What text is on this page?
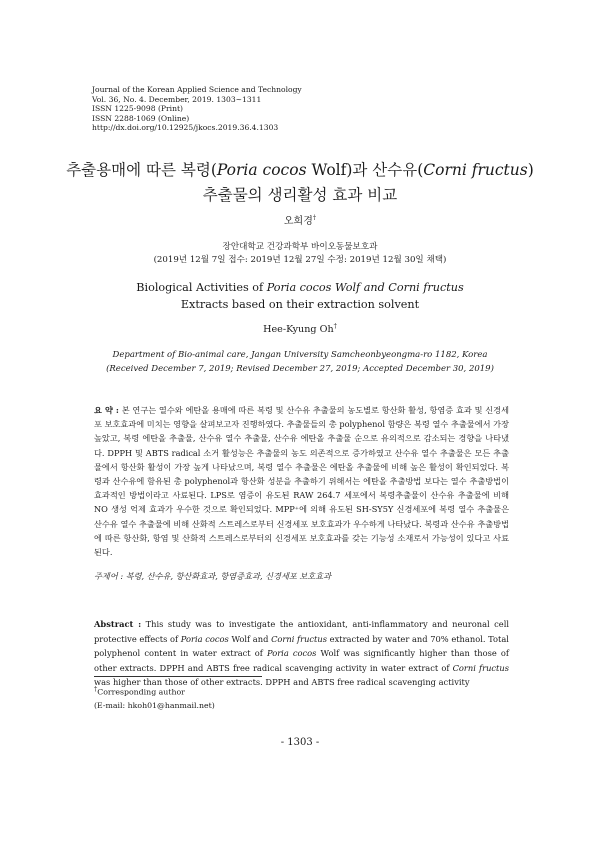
Journal of the Korean Applied Science and Technology
Vol. 36, No. 4. December, 2019. 1303~1311
ISSN 1225-9098 (Print)
ISSN 2288-1069 (Online)
http://dx.doi.org/10.12925/jkocs.2019.36.4.1303
추출용매에 따른 복령(Poria cocos Wolf)과 산수유(Corni fructus)
추출물의 생리활성 효과 비교
오희경†
장안대학교 건강과학부 바이오동물보호과
(2019년 12월 7일 접수: 2019년 12월 27일 수정: 2019년 12월 30일 채택)
Biological Activities of Poria cocos Wolf and Corni fructus
Extracts based on their extraction solvent
Hee-Kyung Oh†
Department of Bio-animal care, Jangan University Samcheonbyeongma-ro 1182, Korea
(Received December 7, 2019; Revised December 27, 2019; Accepted December 30, 2019)
요 약 : 본 연구는 열수와 에탄올 용매에 따른 복령 및 산수유 추출물의 농도별로 항산화 활성, 항염증 효과 및 신경세포 보호효과에 미치는 영향을 살펴보고자 진행하였다. 추출물들의 총 polyphenol 함량은 복령 열수 추출물에서 가장 높았고, 복령 에탄올 추출물, 산수유 열수 추출물, 산수유 에탄올 추출물 순으로 유의적으로 감소되는 경향을 나타냈다. DPPH 및 ABTS radical 소거 활성능은 추출물의 농도 의존적으로 증가하였고 산수유 열수 추출물은 모든 추출물에서 항산화 활성이 가장 높게 나타났으며, 복령 열수 추출물은 에탄올 추출물에 비해 높은 활성이 확인되었다. 복령과 산수유에 함유된 총 polyphenol과 항산화 성분을 추출하기 위해서는 에탄올 추출방법 보다는 열수 추출방법이 효과적인 방법이라고 사료된다. LPS로 염증이 유도된 RAW 264.7 세포에서 복령추출물이 산수유 추출물에 비해 NO 생성 억제 효과가 우수한 것으로 확인되었다. MPP⁺에 의해 유도된 SH-SY5Y 신경세포에 복령 열수 추출물은 산수유 열수 추출물에 비해 산화적 스트레스로부터 신경세포 보호효과가 우수하게 나타났다. 복령과 산수유 추출방법에 따른 항산화, 항염 및 산화적 스트레스로부터의 신경세포 보호효과를 갖는 기능성 소재로서 가능성이 있다고 사료된다.
주제어 : 복령, 산수유, 항산화효과, 항염증효과, 신경세포 보호효과
Abstract : This study was to investigate the antioxidant, anti-inflammatory and neuronal cell protective effects of Poria cocos Wolf and Corni fructus extracted by water and 70% ethanol. Total polyphenol content in water extract of Poria cocos Wolf was significantly higher than those of other extracts. DPPH and ABTS free radical scavenging activity in water extract of Corni fructus was higher than those of other extracts. DPPH and ABTS free radical scavenging activity
†Corresponding author
(E-mail: hkoh01@hanmail.net)
- 1303 -
